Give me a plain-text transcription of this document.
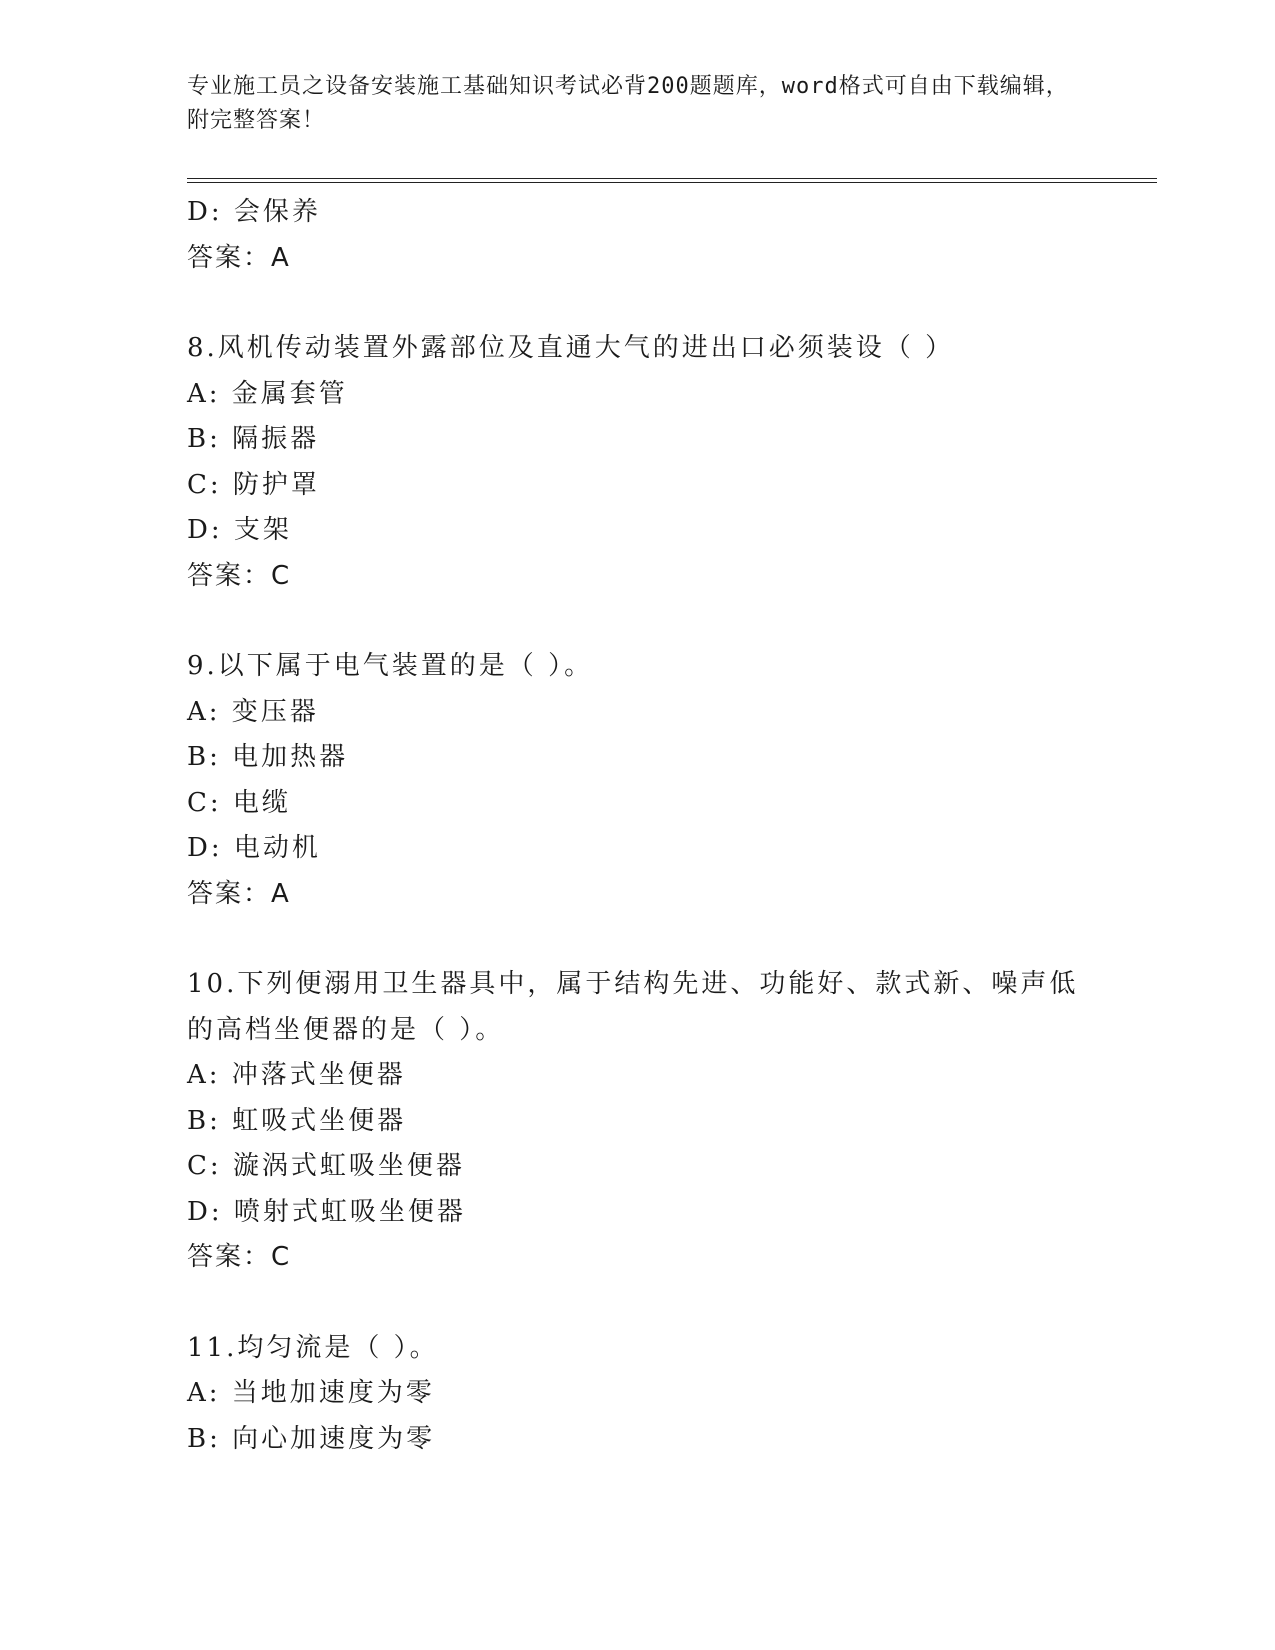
专业施工员之设备安装施工基础知识考试必背200题题库，word格式可自由下载编辑，附完整答案！

D: 会保养

答案：A

8.风机传动装置外露部位及直通大气的进出口必须装设（ ）

A: 金属套管

B: 隔振器

C: 防护罩

D: 支架

答案：C

9.以下属于电气装置的是（ ）。

A: 变压器

B: 电加热器

C: 电缆

D: 电动机

答案：A

10.下列便溺用卫生器具中，属于结构先进、功能好、款式新、噪声低的高档坐便器的是（ ）。

A: 冲落式坐便器

B: 虹吸式坐便器

C: 漩涡式虹吸坐便器

D: 喷射式虹吸坐便器

答案：C

11.均匀流是（ ）。

A: 当地加速度为零

B: 向心加速度为零
